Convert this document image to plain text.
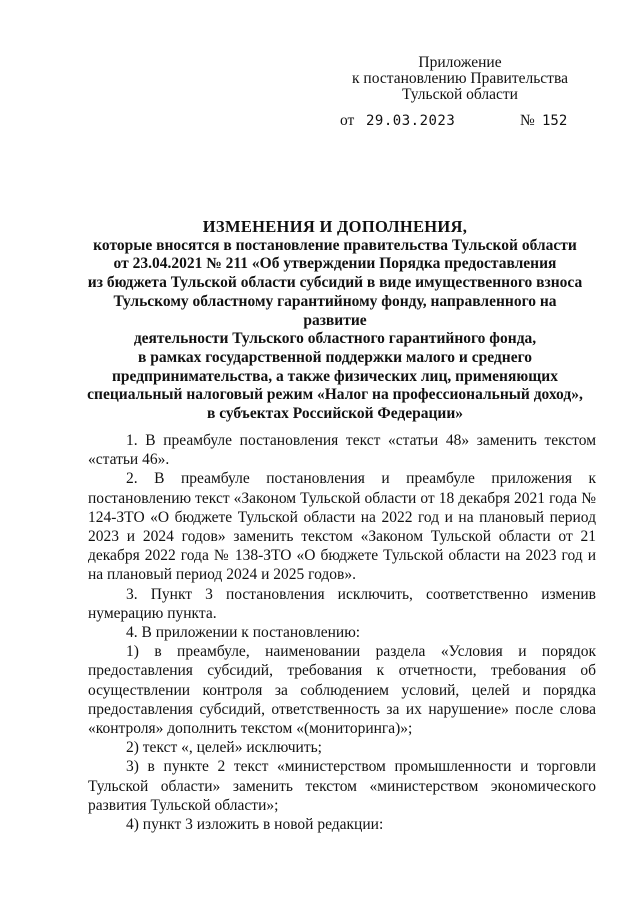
Приложение
к постановлению Правительства
Тульской области
от 29.03.2023	№ 152
ИЗМЕНЕНИЯ И ДОПОЛНЕНИЯ,
которые вносятся в постановление правительства Тульской области
от 23.04.2021 № 211 «Об утверждении Порядка предоставления
из бюджета Тульской области субсидий в виде имущественного взноса
Тульскому областному гарантийному фонду, направленного на развитие
деятельности Тульского областного гарантийного фонда,
в рамках государственной поддержки малого и среднего
предпринимательства, а также физических лиц, применяющих
специальный налоговый режим «Налог на профессиональный доход»,
в субъектах Российской Федерации»

1. В преамбуле постановления текст «статьи 48» заменить текстом «статьи 46».

2. В преамбуле постановления и преамбуле приложения к постановлению текст «Законом Тульской области от 18 декабря 2021 года № 124-ЗТО «О бюджете Тульской области на 2022 год и на плановый период 2023 и 2024 годов» заменить текстом «Законом Тульской области от 21 декабря 2022 года № 138-ЗТО «О бюджете Тульской области на 2023 год и на плановый период 2024 и 2025 годов».

3. Пункт 3 постановления исключить, соответственно изменив нумерацию пункта.

4. В приложении к постановлению:

1) в преамбуле, наименовании раздела «Условия и порядок предоставления субсидий, требования к отчетности, требования об осуществлении контроля за соблюдением условий, целей и порядка предоставления субсидий, ответственность за их нарушение» после слова «контроля» дополнить текстом «(мониторинга)»;

2) текст «, целей» исключить;

3) в пункте 2 текст «министерством промышленности и торговли Тульской области» заменить текстом «министерством экономического развития Тульской области»;

4) пункт 3 изложить в новой редакции:
